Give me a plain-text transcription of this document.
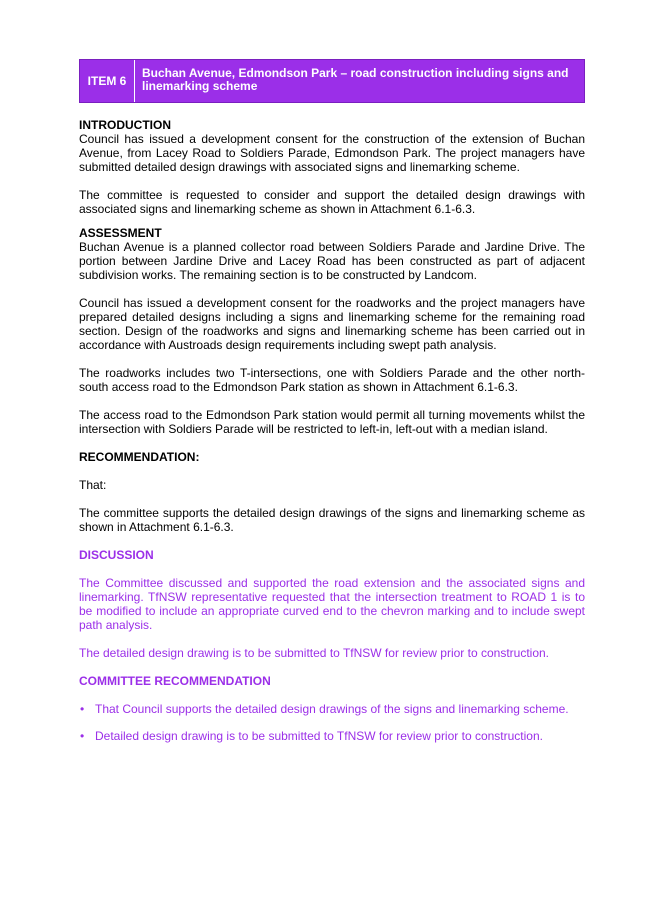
ITEM 6
Buchan Avenue, Edmondson Park – road construction including signs and linemarking scheme

INTRODUCTION

Council has issued a development consent for the construction of the extension of Buchan Avenue, from Lacey Road to Soldiers Parade, Edmondson Park. The project managers have submitted detailed design drawings with associated signs and linemarking scheme.

The committee is requested to consider and support the detailed design drawings with associated signs and linemarking scheme as shown in Attachment 6.1-6.3.

ASSESSMENT

Buchan Avenue is a planned collector road between Soldiers Parade and Jardine Drive. The portion between Jardine Drive and Lacey Road has been constructed as part of adjacent subdivision works. The remaining section is to be constructed by Landcom.

Council has issued a development consent for the roadworks and the project managers have prepared detailed designs including a signs and linemarking scheme for the remaining road section. Design of the roadworks and signs and linemarking scheme has been carried out in accordance with Austroads design requirements including swept path analysis.

The roadworks includes two T-intersections, one with Soldiers Parade and the other north-south access road to the Edmondson Park station as shown in Attachment 6.1-6.3.

The access road to the Edmondson Park station would permit all turning movements whilst the intersection with Soldiers Parade will be restricted to left-in, left-out with a median island.

RECOMMENDATION:

That:

The committee supports the detailed design drawings of the signs and linemarking scheme as shown in Attachment 6.1-6.3.

DISCUSSION

The Committee discussed and supported the road extension and the associated signs and linemarking. TfNSW representative requested that the intersection treatment to ROAD 1 is to be modified to include an appropriate curved end to the chevron marking and to include swept path analysis.

The detailed design drawing is to be submitted to TfNSW for review prior to construction.

COMMITTEE RECOMMENDATION

• That Council supports the detailed design drawings of the signs and linemarking scheme.
• Detailed design drawing is to be submitted to TfNSW for review prior to construction.
